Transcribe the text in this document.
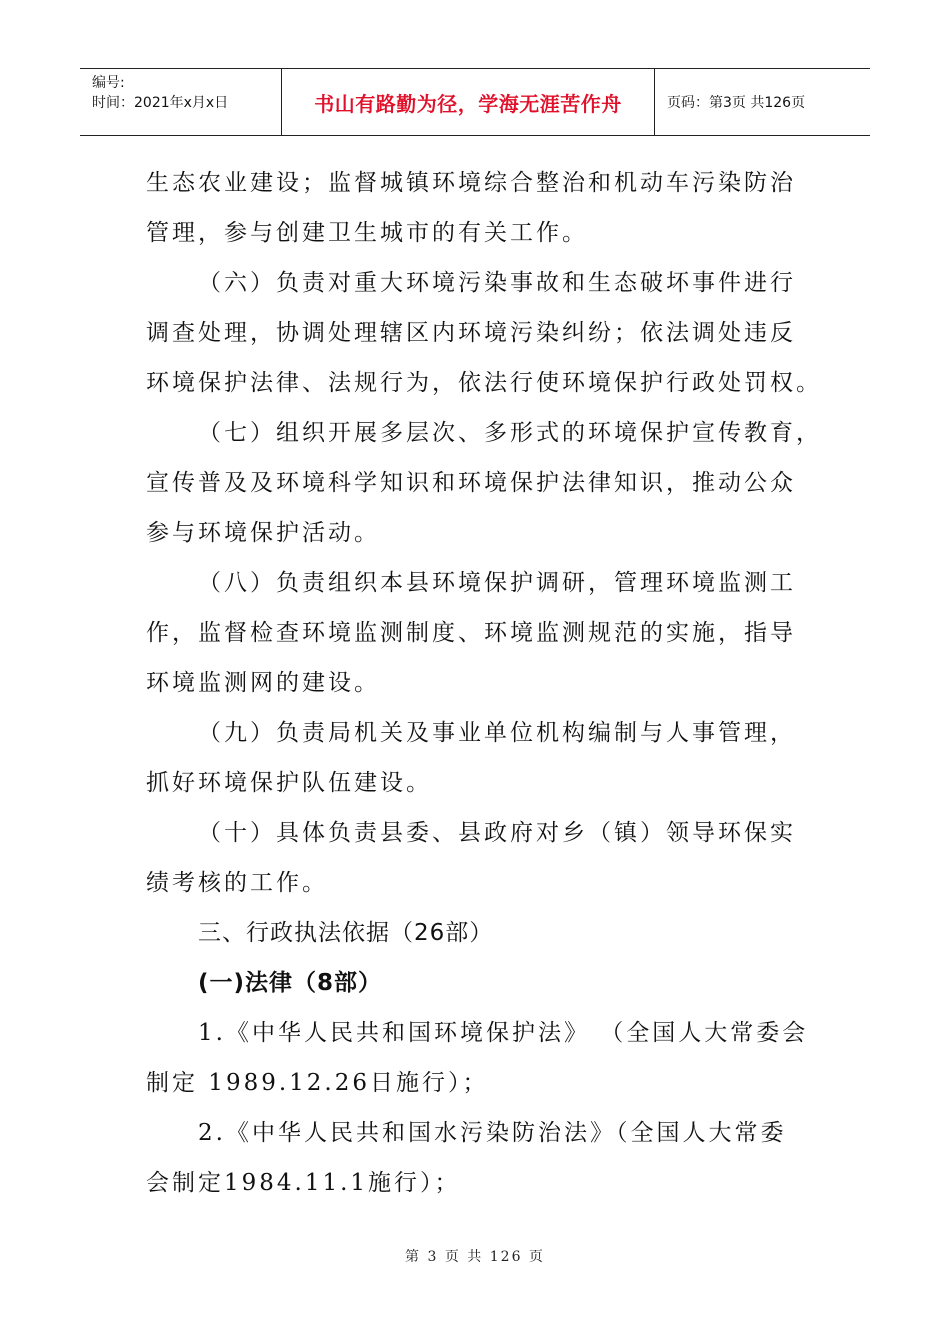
编号:
时间：2021年x月x日	书山有路勤为径，学海无涯苦作舟	页码：第3页 共126页
生态农业建设；监督城镇环境综合整治和机动车污染防治
管理，参与创建卫生城市的有关工作。
（六）负责对重大环境污染事故和生态破坏事件进行
调查处理，协调处理辖区内环境污染纠纷；依法调处违反
环境保护法律、法规行为，依法行使环境保护行政处罚权。
（七）组织开展多层次、多形式的环境保护宣传教育，
宣传普及及环境科学知识和环境保护法律知识，推动公众
参与环境保护活动。
（八）负责组织本县环境保护调研，管理环境监测工
作，监督检查环境监测制度、环境监测规范的实施，指导
环境监测网的建设。
（九）负责局机关及事业单位机构编制与人事管理，
抓好环境保护队伍建设。
（十）具体负责县委、县政府对乡（镇）领导环保实
绩考核的工作。
三、行政执法依据（26部）
(一)法律（8部）
1.《中华人民共和国环境保护法》 （全国人大常委会
制定 1989.12.26日施行）；
2.《中华人民共和国水污染防治法》（全国人大常委
会制定1984.11.1施行）；
第 3 页 共 126 页
